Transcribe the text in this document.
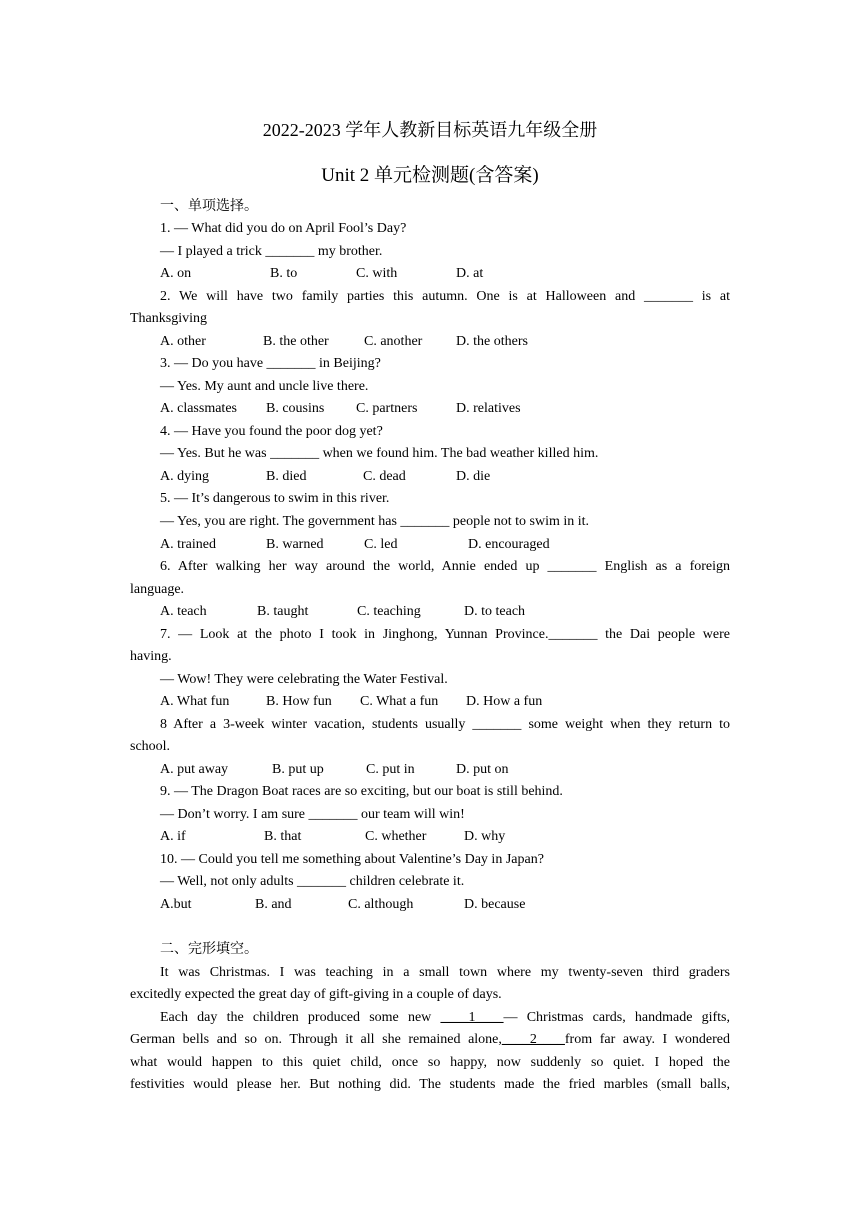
2022-2023 学年人教新目标英语九年级全册
Unit 2 单元检测题(含答案)
一、单项选择。
1. — What did you do on April Fool’s Day?
— I played a trick _______ my brother.
A. on	B. to	C. with	D. at
2. We will have two family parties this autumn. One is at Halloween and _______ is at
Thanksgiving
A. other	B. the other	C. another D. the others
3. — Do you have _______ in Beijing?
— Yes. My aunt and uncle live there.
A. classmates B. cousins C. partners	D. relatives
4. — Have you found the poor dog yet?
— Yes. But he was _______ when we found him. The bad weather killed him.
A. dying	B. died	C. dead	D. die
5. — It’s dangerous to swim in this river.
— Yes, you are right. The government has _______ people not to swim in it.
A. trained	B. warned	C. led	D. encouraged
6. After walking her way around the world, Annie ended up _______ English as a foreign
language.
A. teach	B. taught	C. teaching	D. to teach
7. — Look at the photo I took in Jinghong, Yunnan Province._______ the Dai people were
having.
— Wow! They were celebrating the Water Festival.
A. What fun	B. How fun C. What a fun D. How a fun
8 After a 3-week winter vacation, students usually _______ some weight when they return to
school.
A. put away	B. put up	C. put in	D. put on
9. — The Dragon Boat races are so exciting, but our boat is still behind.
— Don’t worry. I am sure _______ our team will win!
A. if	B. that	C. whether	D. why
10. — Could you tell me something about Valentine’s Day in Japan?
— Well, not only adults _______ children celebrate it.
A.but	B. and	C. although	D. because
二、完形填空。
It was Christmas. I was teaching in a small town where my twenty-seven third graders
excitedly expected the great day of gift-giving in a couple of days.
Each day the children produced some new ____1____— Christmas cards, handmade gifts,
German bells and so on. Through it all she remained alone,____2____from far away. I wondered
what would happen to this quiet child, once so happy, now suddenly so quiet. I hoped the
festivities would please her. But nothing did. The students made the fried marbles (small balls,
